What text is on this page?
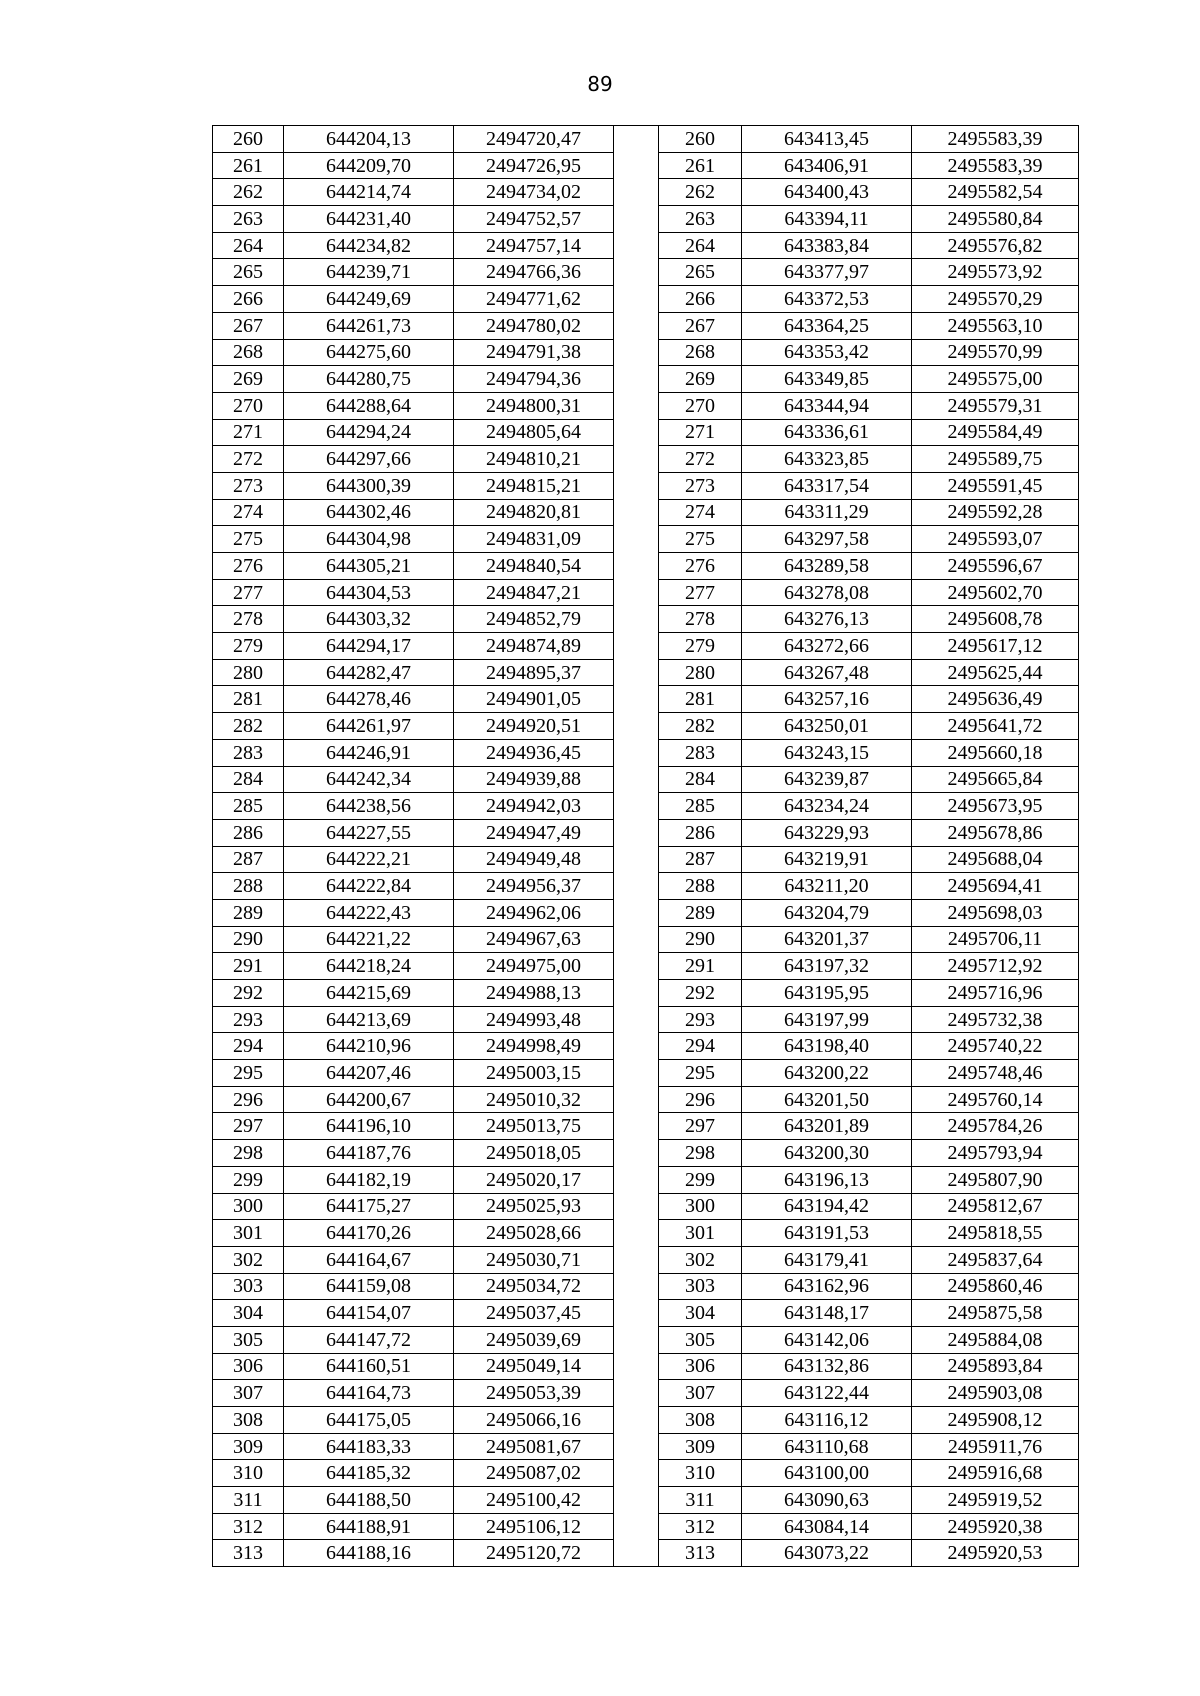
89
260	644204,13	2494720,47		260	643413,45	2495583,39
261	644209,70	2494726,95		261	643406,91	2495583,39
262	644214,74	2494734,02		262	643400,43	2495582,54
263	644231,40	2494752,57		263	643394,11	2495580,84
264	644234,82	2494757,14		264	643383,84	2495576,82
265	644239,71	2494766,36		265	643377,97	2495573,92
266	644249,69	2494771,62		266	643372,53	2495570,29
267	644261,73	2494780,02		267	643364,25	2495563,10
268	644275,60	2494791,38		268	643353,42	2495570,99
269	644280,75	2494794,36		269	643349,85	2495575,00
270	644288,64	2494800,31		270	643344,94	2495579,31
271	644294,24	2494805,64		271	643336,61	2495584,49
272	644297,66	2494810,21		272	643323,85	2495589,75
273	644300,39	2494815,21		273	643317,54	2495591,45
274	644302,46	2494820,81		274	643311,29	2495592,28
275	644304,98	2494831,09		275	643297,58	2495593,07
276	644305,21	2494840,54		276	643289,58	2495596,67
277	644304,53	2494847,21		277	643278,08	2495602,70
278	644303,32	2494852,79		278	643276,13	2495608,78
279	644294,17	2494874,89		279	643272,66	2495617,12
280	644282,47	2494895,37		280	643267,48	2495625,44
281	644278,46	2494901,05		281	643257,16	2495636,49
282	644261,97	2494920,51		282	643250,01	2495641,72
283	644246,91	2494936,45		283	643243,15	2495660,18
284	644242,34	2494939,88		284	643239,87	2495665,84
285	644238,56	2494942,03		285	643234,24	2495673,95
286	644227,55	2494947,49		286	643229,93	2495678,86
287	644222,21	2494949,48		287	643219,91	2495688,04
288	644222,84	2494956,37		288	643211,20	2495694,41
289	644222,43	2494962,06		289	643204,79	2495698,03
290	644221,22	2494967,63		290	643201,37	2495706,11
291	644218,24	2494975,00		291	643197,32	2495712,92
292	644215,69	2494988,13		292	643195,95	2495716,96
293	644213,69	2494993,48		293	643197,99	2495732,38
294	644210,96	2494998,49		294	643198,40	2495740,22
295	644207,46	2495003,15		295	643200,22	2495748,46
296	644200,67	2495010,32		296	643201,50	2495760,14
297	644196,10	2495013,75		297	643201,89	2495784,26
298	644187,76	2495018,05		298	643200,30	2495793,94
299	644182,19	2495020,17		299	643196,13	2495807,90
300	644175,27	2495025,93		300	643194,42	2495812,67
301	644170,26	2495028,66		301	643191,53	2495818,55
302	644164,67	2495030,71		302	643179,41	2495837,64
303	644159,08	2495034,72		303	643162,96	2495860,46
304	644154,07	2495037,45		304	643148,17	2495875,58
305	644147,72	2495039,69		305	643142,06	2495884,08
306	644160,51	2495049,14		306	643132,86	2495893,84
307	644164,73	2495053,39		307	643122,44	2495903,08
308	644175,05	2495066,16		308	643116,12	2495908,12
309	644183,33	2495081,67		309	643110,68	2495911,76
310	644185,32	2495087,02		310	643100,00	2495916,68
311	644188,50	2495100,42		311	643090,63	2495919,52
312	644188,91	2495106,12		312	643084,14	2495920,38
313	644188,16	2495120,72		313	643073,22	2495920,53
